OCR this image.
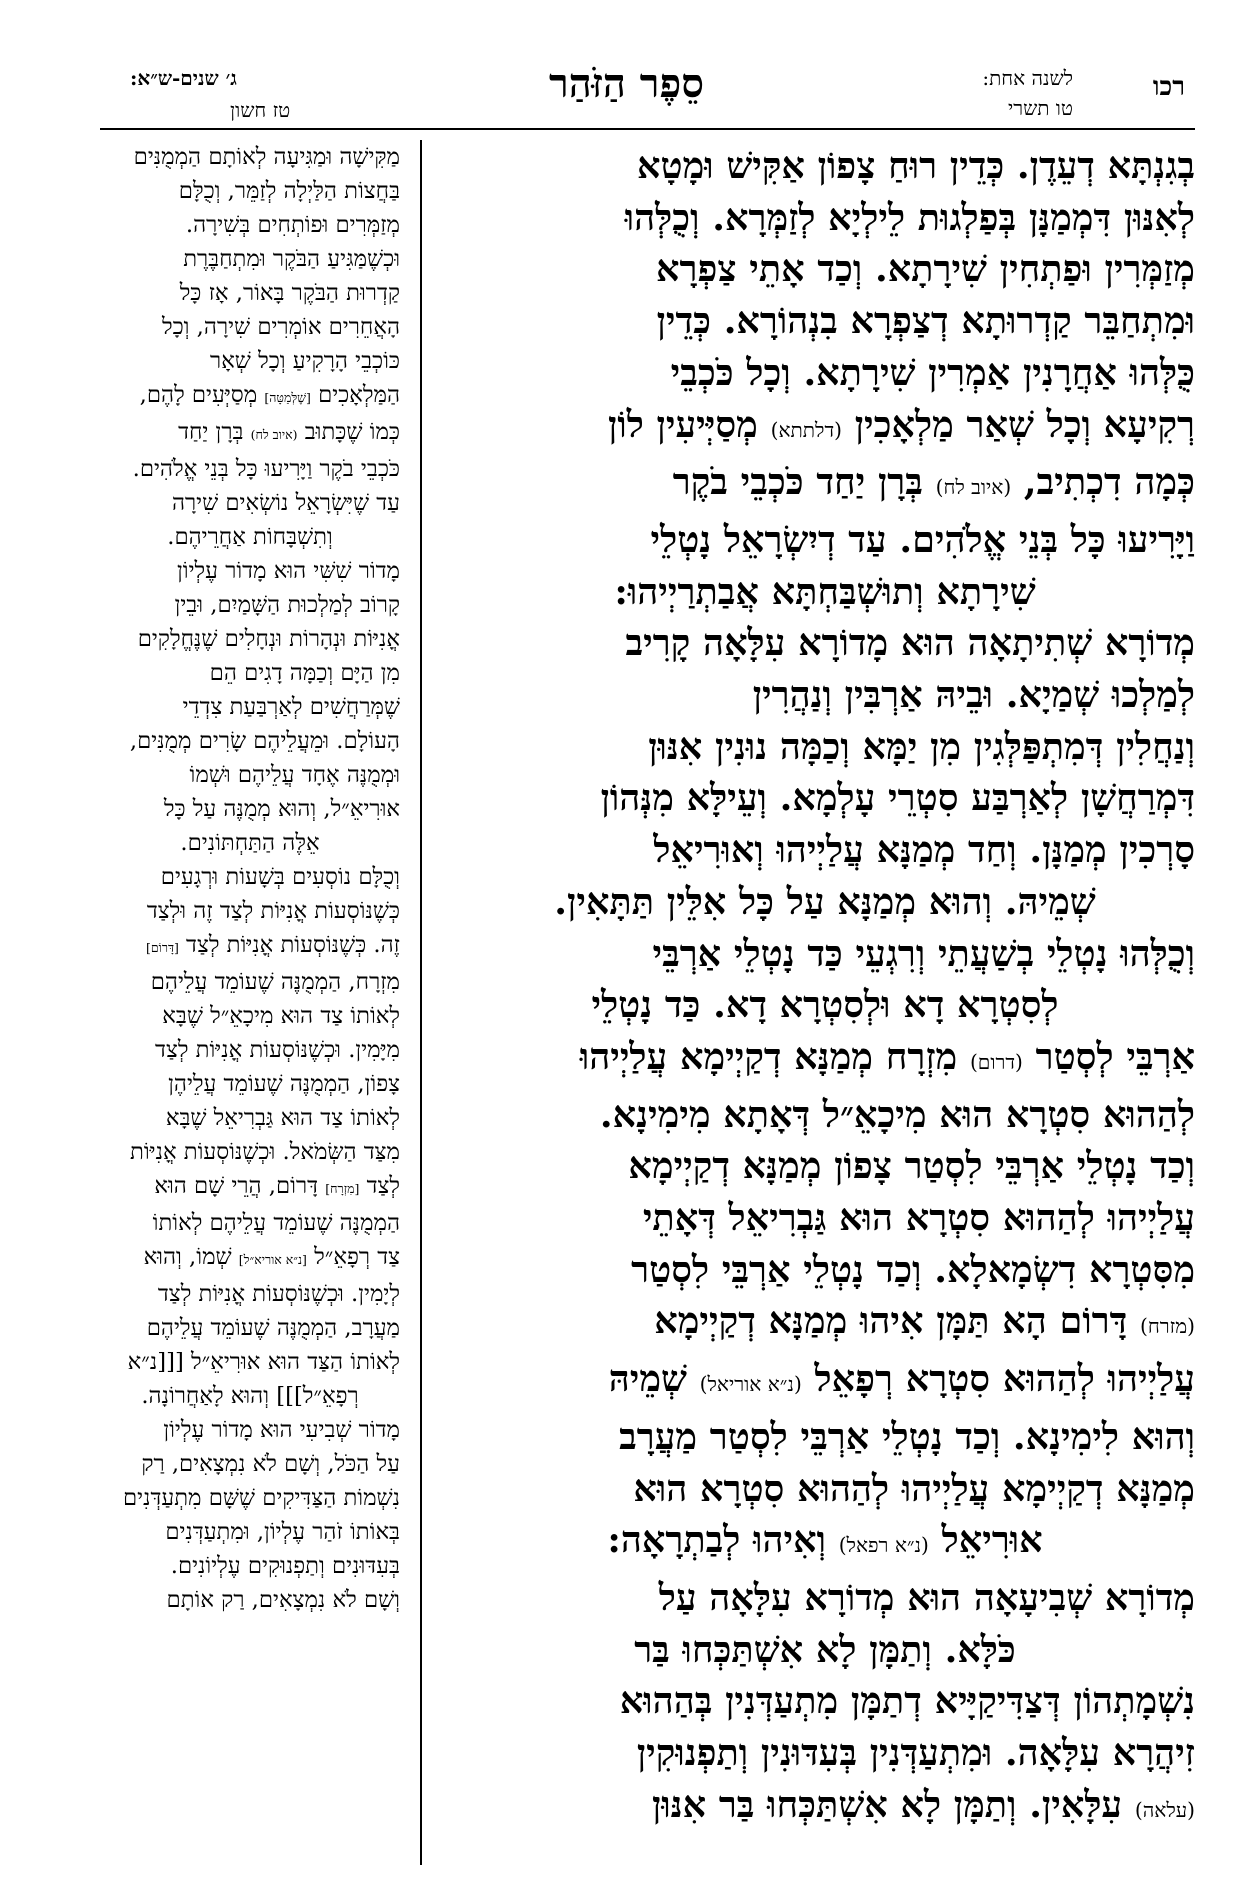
רכו
לשנה אחת:
טו תשרי
סֵפֶר הַזֹּהַר
ג׳ שנים-ש״א:
טז חשון

בְגִנְתָּא דְעֵדֶן. כְּדֵין רוּחַ צָפוֹן אַקִּישׁ וּמָטָא

לְאִנּוּן דִּמְמַנָּן בְּפַלְגוּת לֵילְיָא לְזַמְּרָא. וְכֻלְּהוּ

מְזַמְּרִין וּפַתְחִין שִׁירָתָא. וְכַד אָתֵי צַפְרָא

וּמִתְחַבֵּר קַדְרוּתָא דְצַפְרָא בִנְהוֹרָא. כְּדֵין

כֻּלְּהוּ אַחֲרָנִין אַמְרִין שִׁירָתָא. וְכָל כֹּכְבֵי

רְקִיעָא וְכָל שְׁאַר מַלְאָכִין (דלתתא) מְסַיְּיעִין לוֹן

כְּמָה דִכְתִיב, (איוב לח) בְּרָן יַחַד כֹּכְבֵי בֹקֶר

וַיָּרִיעוּ כָּל בְּנֵי אֱלֹהִים. עַד דְיִשְׂרָאֵל נָטְלֵי

שִׁירָתָא וְתוּשְׁבַּחְתָּא אֲבַתְרַיְיהוּ:

מְדוֹרָא שְׁתִיתָאָה הוּא מָדוֹרָא עִלָּאָה קָרִיב

לְמַלְכוּ שְׁמַיָא. וּבֵיהּ אַרְבִּין וְנַהֲרִין

וְנַחֲלִין דְּמִתְפַּלְּגִין מִן יַמָּא וְכַמָּה נוּנִין אִנּוּן

דִּמְרַחֲשָׁן לְאַרְבַּע סִטְרֵי עָלְמָא. וְעֵילָּא מִנְּהוֹן

סָרְכִין מְמַנָּן. וְחַד מְמַנָּא עֲלַיְיהוּ וְאוּרִיאֵל

שְׁמֵיהּ. וְהוּא מְמַנָּא עַל כָּל אִלֵּין תַּתָּאִין.

וְכֻלְּהוּ נָטְלֵי בְשַׁעֲתֵי וְרִגְעֵי כַּד נָטְלֵי אַרְבֵּי

לְסִטְרָא דָא וּלְסִטְרָא דָא. כַּד נָטְלֵי

אַרְבֵּי לְסְטַר (דרום) מִזְרָח מְמַנָּא דְקַיְימָא עֲלַיְיהוּ

לְהַהוּא סִטְרָא הוּא מִיכָאֵ״ל דְּאָתָא מִימִינָא.

וְכַד נָטְלֵי אַרְבֵּי לִסְטַר צָפוֹן מְמַנָּא דְקַיְימָא

עֲלַיְיהוּ לְהַהוּא סִטְרָא הוּא גַּבְרִיאֵל דְּאָתֵי

מִסִּטְרָא דִשְׂמָאלָא. וְכַד נָטְלֵי אַרְבֵּי לִסְטַר

(מזרח) דָּרוֹם הָא תַּמָּן אִיהוּ מְמַנָּא דְקַיְימָא

עֲלַיְיהוּ לְהַהוּא סִטְרָא רְפָאֵל (נ״א אוריאל) שְׁמֵיהּ

וְהוּא לִימִינָא. וְכַד נָטְלֵי אַרְבֵּי לִסְטַר מַעֲרָב

מְמַנָּא דְקַיְימָא עֲלַיְיהוּ לְהַהוּא סִטְרָא הוּא

אוּרִיאֵל (נ״א רפאל) וְאִיהוּ לְבַתְרָאָה:

מְדוֹרָא שְׁבִיעָאָה הוּא מְדוֹרָא עִלָּאָה עַל

כֹּלָּא. וְתַמָּן לָא אִשְׁתַּכְּחוּ בַּר

נִשְׁמָתְהוֹן דְּצַדִּיקַיָּיא דְתַמָּן מִתְעַדְּנִין בְּהַהוּא

זִיהֲרָא עִלָּאָה. וּמִתְעַדְּנִין בְּעִדּוּנִין וְתַפְנוּקִין

(עלאה) עִלָּאִין. וְתַמָּן לָא אִשְׁתַּכְּחוּ בַּר אִנּוּן

מַקִּישָׁה וּמַגִּיעָה לְאוֹתָם הַמְמֻנִּים

בַּחֲצוֹת הַלַּיְלָה לְזַמֵּר, וְכֻלָּם

מְזַמְּרִים וּפוֹתְחִים בְּשִׁירָה.

וּכְשֶׁמַּגִּיעַ הַבֹּקֶר וּמִתְחַבֶּרֶת

קַדְרוּת הַבֹּקֶר בָּאוֹר, אָז כָּל

הָאֲחֵרִים אוֹמְרִים שִׁירָה, וְכָל

כּוֹכְבֵי הָרָקִיעַ וְכָל שְׁאָר

הַמַּלְאָכִים [שֶׁלְּמַטָּה] מְסַיְּעִים לָהֶם,

כְּמוֹ שֶׁכָּתוּב (איוב לח) בְּרָן יַחַד

כֹּכְבֵי בֹקֶר וַיָּרִיעוּ כָּל בְּנֵי אֱלֹהִים.

עַד שֶׁיִּשְׂרָאֵל נוֹשְׂאִים שִׁירָה

וְתִשְׁבָּחוֹת אַחֲרֵיהֶם.

מָדוֹר שִׁשִּׁי הוּא מָדוֹר עֶלְיוֹן

קָרוֹב לְמַלְכוּת הַשָּׁמַיִם, וּבֵין

אֳנִיּוֹת וּנְהָרוֹת וּנְחָלִים שֶׁנֶּחֱלָקִים

מִן הַיָּם וְכַמָּה דָגִים הֵם

שֶׁמְּרַחֲשִׁים לְאַרְבַּעַת צִדְדֵי

הָעוֹלָם. וּמֵעֲלֵיהֶם שָׂרִים מְמֻנִּים,

וּמְמֻנֶּה אֶחָד עֲלֵיהֶם וּשְׁמוֹ

אוּרִיאֵ״ל, וְהוּא מְמֻנֶּה עַל כָּל

אֵלֶּה הַתַּחְתּוֹנִים.

וְכֻלָּם נוֹסְעִים בְּשָׁעוֹת וּרְגָעִים

כְּשֶׁנּוֹסְעוֹת אֳנִיּוֹת לְצַד זֶה וּלְצַד

זֶה. כְּשֶׁנּוֹסְעוֹת אֳנִיּוֹת לְצַד [דָּרוֹם]

מִזְרָח, הַמְמֻנֶּה שֶׁעוֹמֵד עֲלֵיהֶם

לְאוֹתוֹ צַד הוּא מִיכָאֵ״ל שֶׁבָּא

מִיָּמִין. וּכְשֶׁנּוֹסְעוֹת אֳנִיּוֹת לְצַד

צָפוֹן, הַמְמֻנֶּה שֶׁעוֹמֵד עֲלֵיהֶן

לְאוֹתוֹ צַד הוּא גַּבְרִיאֵל שֶׁבָּא

מִצַּד הַשְּׂמֹאל. וּכְשֶׁנּוֹסְעוֹת אֳנִיּוֹת

לְצַד [מִזְרָח] דָּרוֹם, הֲרֵי שָׁם הוּא

הַמְמֻנֶּה שֶׁעוֹמֵד עֲלֵיהֶם לְאוֹתוֹ

צַד רְפָאֵ״ל [נ״א אוריא״ל] שְׁמוֹ, וְהוּא

לְיָמִין. וּכְשֶׁנּוֹסְעוֹת אֳנִיּוֹת לְצַד

מַעֲרָב, הַמְמֻנֶּה שֶׁעוֹמֵד עֲלֵיהֶם

לְאוֹתוֹ הַצַּד הוּא אוּרִיאֵ״ל [[[נ״א

רְפָאֵ״ל]]] וְהוּא לָאַחֲרוֹנָה.

מָדוֹר שְׁבִיעִי הוּא מָדוֹר עֶלְיוֹן

עַל הַכֹּל, וְשָׁם לֹא נִמְצָאִים, רַק

נִשְׁמוֹת הַצַּדִּיקִים שֶׁשָּׁם מִתְעַדְּנִים

בְּאוֹתוֹ זֹהַר עֶלְיוֹן, וּמִתְעַדְּנִים

בְּעִדּוּנִים וְתַפְנוּקִים עֶלְיוֹנִים.

וְשָׁם לֹא נִמְצָאִים, רַק אוֹתָם
